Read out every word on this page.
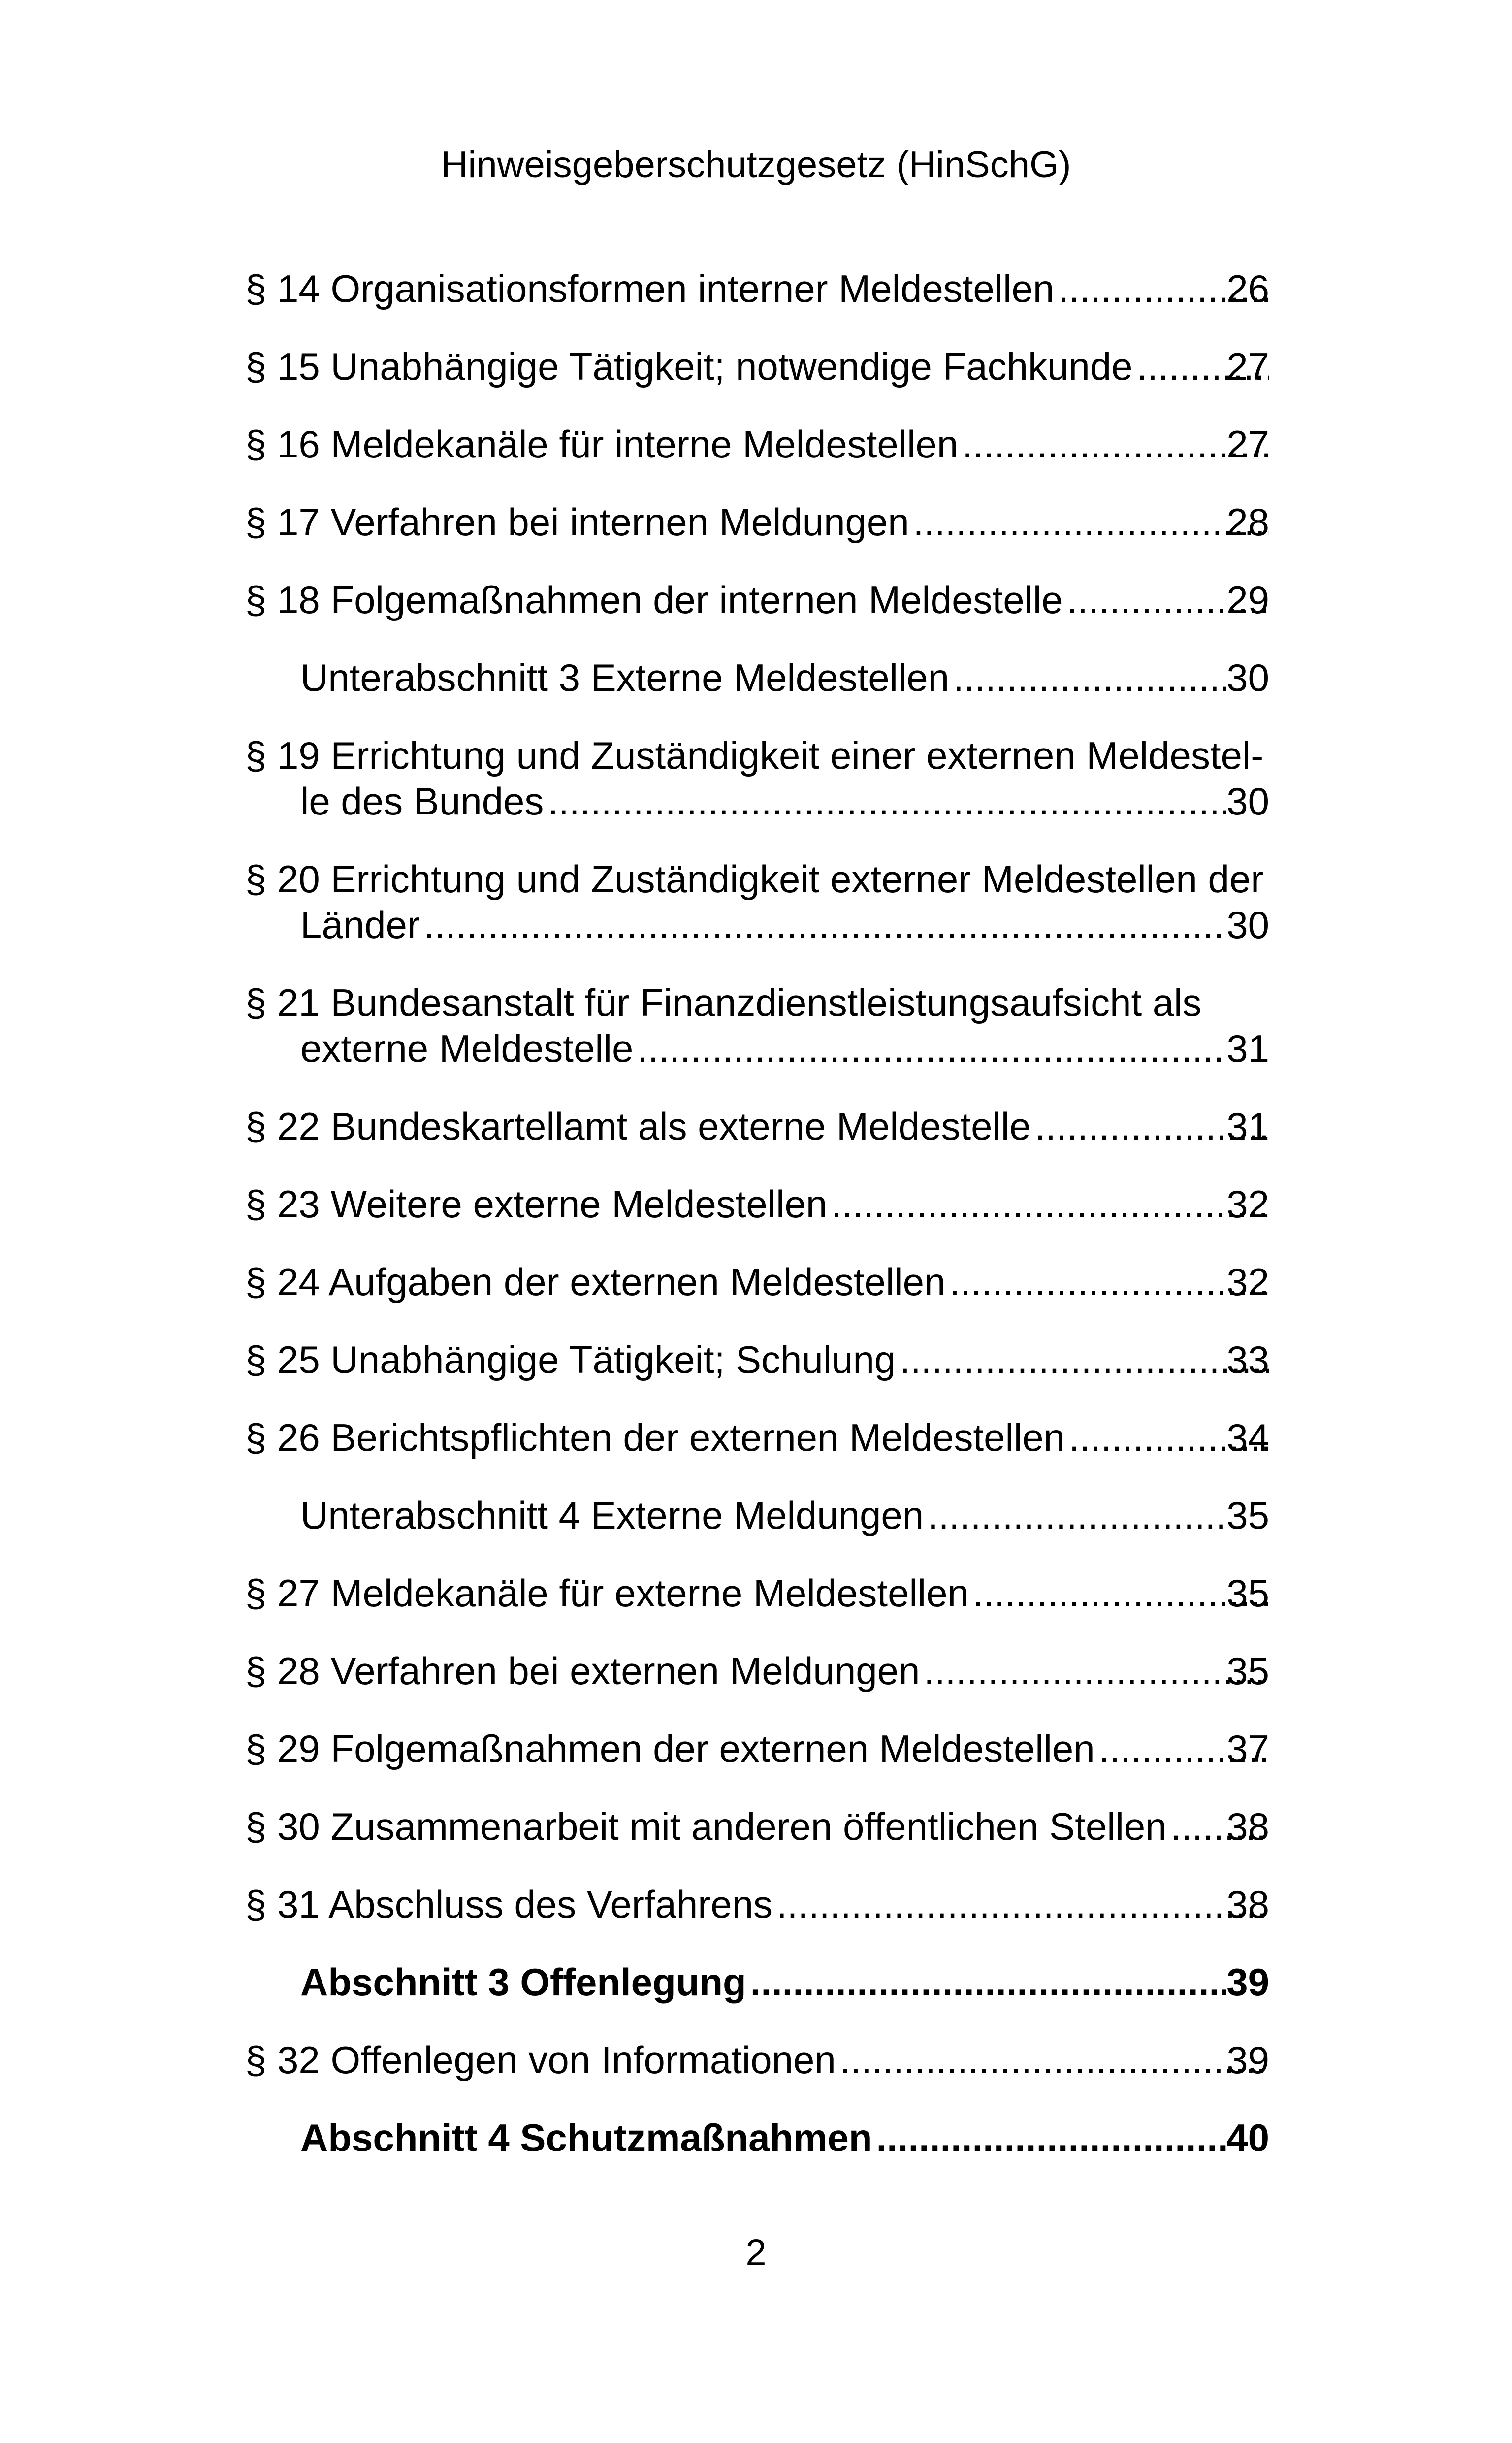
Hinweisgeberschutzgesetz (HinSchG)
§ 14 Organisationsformen interner Meldestellen .....	26
§ 15 Unabhängige Tätigkeit; notwendige Fachkunde ..... 27
§ 16 Meldekanäle für interne Meldestellen .....	27
§ 17 Verfahren bei internen Meldungen .....	28
§ 18 Folgemaßnahmen der internen Meldestelle .....	29
Unterabschnitt 3 Externe Meldestellen .....	30
§ 19 Errichtung und Zuständigkeit einer externen Meldestel-
le des Bundes .....	30
§ 20 Errichtung und Zuständigkeit externer Meldestellen der
Länder .....	30
§ 21 Bundesanstalt für Finanzdienstleistungsaufsicht als
externe Meldestelle .....	31
§ 22 Bundeskartellamt als externe Meldestelle .....	31
§ 23 Weitere externe Meldestellen .....	32
§ 24 Aufgaben der externen Meldestellen .....	32
§ 25 Unabhängige Tätigkeit; Schulung .....	33
§ 26 Berichtspflichten der externen Meldestellen .....	34
Unterabschnitt 4 Externe Meldungen .....	35
§ 27 Meldekanäle für externe Meldestellen .....	35
§ 28 Verfahren bei externen Meldungen .....	35
§ 29 Folgemaßnahmen der externen Meldestellen .....	37
§ 30 Zusammenarbeit mit anderen öffentlichen Stellen ..... 38
§ 31 Abschluss des Verfahrens .....	38
Abschnitt 3 Offenlegung .....	39
§ 32 Offenlegen von Informationen .....	39
Abschnitt 4 Schutzmaßnahmen .....	40
2
